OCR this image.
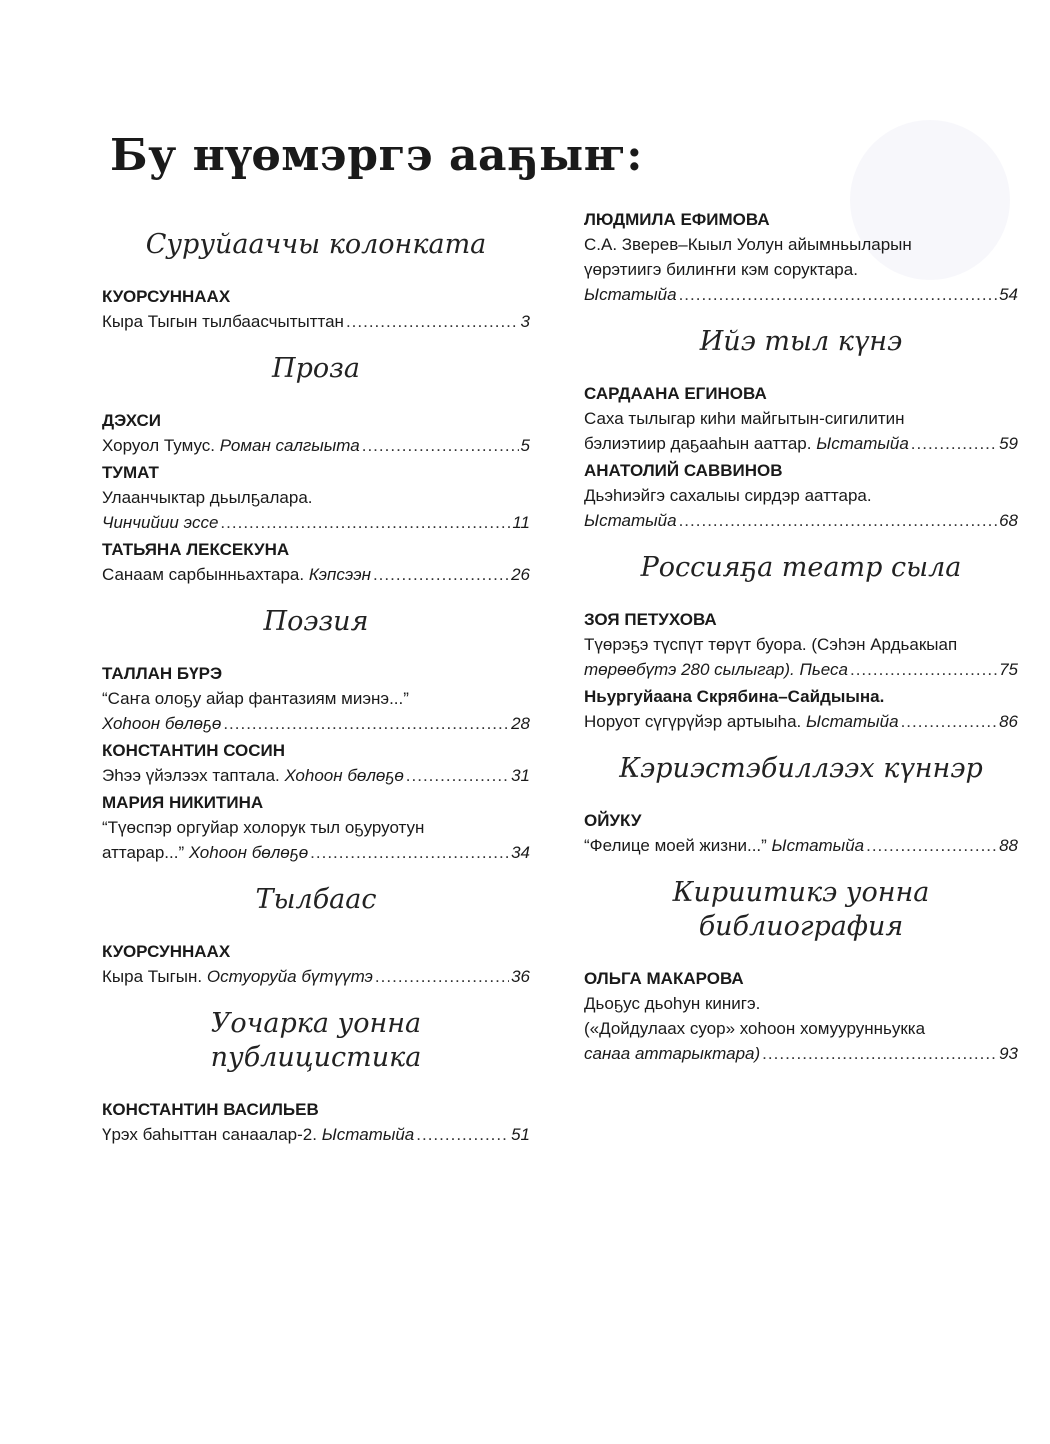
Бу нүөмэргэ ааҕыҥ:
Суруйааччы колонката
КУОРСУННААХ
Кыра Тыгын тылбаасчытыттан .....	3
Проза
ДЭХСИ
Хоруол Тумус. Роман салгыыта .....	5
ТУМАТ
Улаанчыктар дьылҕалара.
Чинчийии эссе .....	11
ТАТЬЯНА ЛЕКСЕКУНА
Санаам сарбынньахтара. Кэпсээн .....	26
Поэзия
ТАЛЛАН БҮРЭ
“Саҥа олоҕу айар фантазиям миэнэ...”
Хоһоон бөлөҕө .....	28
КОНСТАНТИН СОСИН
Эһээ үйэлээх таптала. Хоһоон бөлөҕө .....	31
МАРИЯ НИКИТИНА
“Түөспэр оргуйар холорук тыл оҕуруотун
аттарар...” Хоһоон бөлөҕө .....	34
Тылбаас
КУОРСУННААХ
Кыра Тыгын. Остуоруйа бүтүүтэ .....	36
Уочарка уонна публицистика
КОНСТАНТИН ВАСИЛЬЕВ
Үрэх баһыттан санаалар-2. Ыстатыйа .....	51
ЛЮДМИЛА ЕФИМОВА
С.А. Зверев–Кыыл Уолун айымньыларын
үөрэтиигэ билиҥҥи кэм соруктара.
Ыстатыйа .....	54
Ийэ тыл күнэ
САРДААНА ЕГИНОВА
Саха тылыгар киһи майгытын-сигилитин
бэлиэтиир даҕааһын ааттар. Ыстатыйа .....	59
АНАТОЛИЙ САВВИНОВ
Дьэһиэйгэ сахалыы сирдэр ааттара.
Ыстатыйа .....	68
Россияҕа театр сыла
ЗОЯ ПЕТУХОВА
Түөрэҕэ түспүт төрүт буора. (Сэһэн Ардьакыап
төрөөбүтэ 280 сылыгар). Пьеса .....	75
Ньургуйаана Скрябина–Сайдыына.
Норуот сүгүрүйэр артыыһа. Ыстатыйа .....	86
Кэриэстэбиллээх күннэр
ОЙУКУ
“Фелице моей жизни...” Ыстатыйа .....	88
Кириитикэ уонна библиография
ОЛЬГА МАКАРОВА
Дьоҕус дьоһун кинигэ.
(«Дойдулаах суор» хоһоон хомуурунньукка
санаа аттарыктара) .....	93
